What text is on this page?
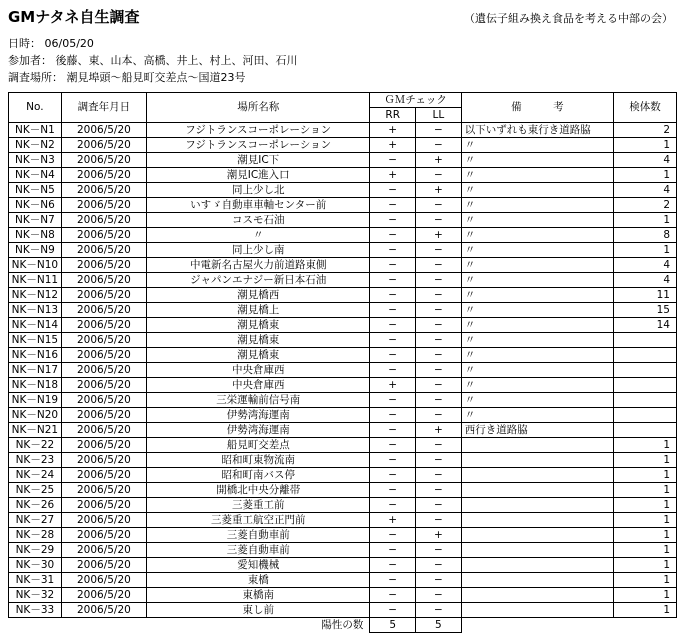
GMナタネ自生調査	（遺伝子組み換え食品を考える中部の会）
日時： 06/05/20
参加者： 後藤、東、山本、高橋、井上、村上、河田、石川
調査場所： 潮見埠頭〜船見町交差点〜国道23号
No.	調査年月日	場所名称	ＧＭチェック		備　　　考	検体数
			RR	LL		
NK－N1	2006/5/20	フジトランスコーポレーション	+	−	以下いずれも東行き道路脇	2
NK－N2	2006/5/20	フジトランスコーポレーション	+	−	〃	1
NK－N3	2006/5/20	潮見IC下	−	+	〃	4
NK－N4	2006/5/20	潮見IC進入口	+	−	〃	1
NK－N5	2006/5/20	同上少し北	−	+	〃	4
NK－N6	2006/5/20	いすゞ自動車車軸センター前	−	−	〃	2
NK－N7	2006/5/20	コスモ石油	−	−	〃	1
NK－N8	2006/5/20	〃	−	+	〃	8
NK－N9	2006/5/20	同上少し南	−	−	〃	1
NK－N10	2006/5/20	中電新名古屋火力前道路東側	−	−	〃	4
NK－N11	2006/5/20	ジャパンエナジー新日本石油	−	−	〃	4
NK－N12	2006/5/20	潮見橋西	−	−	〃	11
NK－N13	2006/5/20	潮見橋上	−	−	〃	15
NK－N14	2006/5/20	潮見橋東	−	−	〃	14
NK－N15	2006/5/20	潮見橋東	−	−	〃	
NK－N16	2006/5/20	潮見橋東	−	−	〃	
NK－N17	2006/5/20	中央倉庫西	−	−	〃	
NK－N18	2006/5/20	中央倉庫西	+	−	〃	
NK－N19	2006/5/20	三栄運輸前信号南	−	−	〃	
NK－N20	2006/5/20	伊勢湾海運南	−	−	〃	
NK－N21	2006/5/20	伊勢湾海運南	−	+	西行き道路脇	
NK－22	2006/5/20	船見町交差点	−	−		1
NK－23	2006/5/20	昭和町東物流南	−	−		1
NK－24	2006/5/20	昭和町南バス停	−	−		1
NK－25	2006/5/20	開橋北中央分離帯	−	−		1
NK－26	2006/5/20	三菱重工前	−	−		1
NK－27	2006/5/20	三菱重工航空正門前	+	−		1
NK－28	2006/5/20	三菱自動車前	−	+		1
NK－29	2006/5/20	三菱自動車前	−	−		1
NK－30	2006/5/20	愛知機械	−	−		1
NK－31	2006/5/20	東橋	−	−		1
NK－32	2006/5/20	東橋南	−	−		1
NK－33	2006/5/20	東し前	−	−		1
		陽性の数	5	5		
